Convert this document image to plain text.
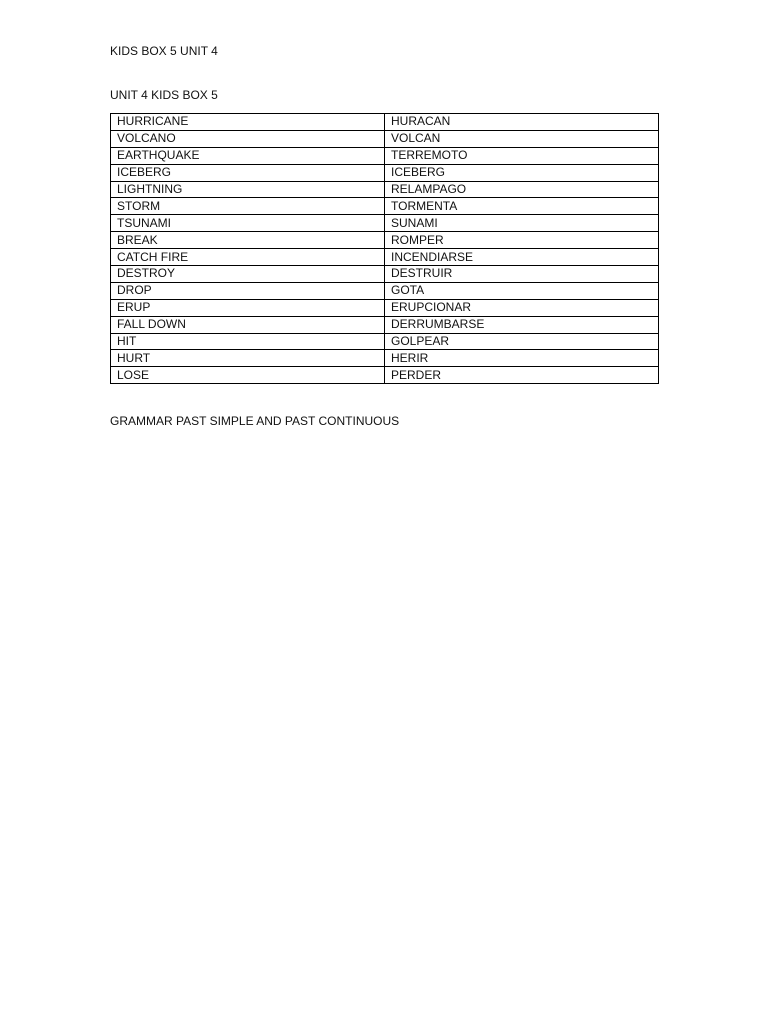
KIDS BOX 5 UNIT 4
UNIT 4 KIDS BOX 5
HURRICANE	HURACAN
VOLCANO	VOLCAN
EARTHQUAKE	TERREMOTO
ICEBERG	ICEBERG
LIGHTNING	RELAMPAGO
STORM	TORMENTA
TSUNAMI	SUNAMI
BREAK	ROMPER
CATCH FIRE	INCENDIARSE
DESTROY	DESTRUIR
DROP	GOTA
ERUP	ERUPCIONAR
FALL DOWN	DERRUMBARSE
HIT	GOLPEAR
HURT	HERIR
LOSE	PERDER
GRAMMAR PAST SIMPLE AND PAST CONTINUOUS
